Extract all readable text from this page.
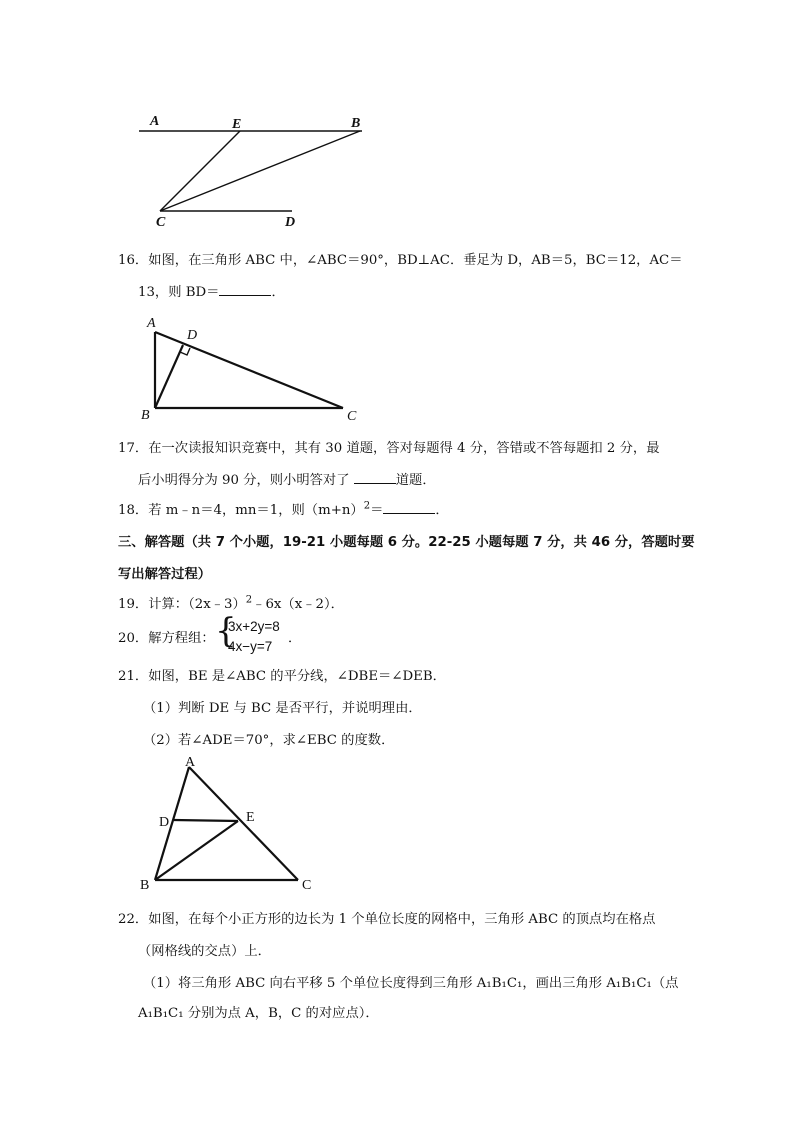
A	E	B
C	D
16．如图，在三角形 ABC 中，∠ABC＝90°，BD⊥AC．垂足为 D，AB＝5，BC＝12，AC＝
13，则 BD＝	．
A
D
B	C
17．在一次读报知识竞赛中，其有 30 道题，答对每题得 4 分，答错或不答每题扣 2 分，最
后小明得分为 90 分，则小明答对了	道题．
18．若 m﹣n＝4，mn＝1，则$(m+n)^2=$	．
三、解答题（共 7 个小题，19-21 小题每题 6 分。22-25 小题每题 7 分，共 46 分，答题时要
写出解答过程）
19．计算：（2x﹣3）$^2$﹣6x（x﹣2）．
20．解方程组： {
3x+2y=8
4x−y=7
．
21．如图，BE 是∠ABC 的平分线，∠DBE＝∠DEB．
（1）判断 DE 与 BC 是否平行，并说明理由．
（2）若∠ADE＝70°，求∠EBC 的度数．
A
D	E
B	C
22．如图，在每个小正方形的边长为 1 个单位长度的网格中，三角形 ABC 的顶点均在格点
（网格线的交点）上．
（1）将三角形 ABC 向右平移 5 个单位长度得到三角形 A₁B₁C₁，画出三角形 A₁B₁C₁（点
A₁B₁C₁ 分别为点 A，B，C 的对应点）．
